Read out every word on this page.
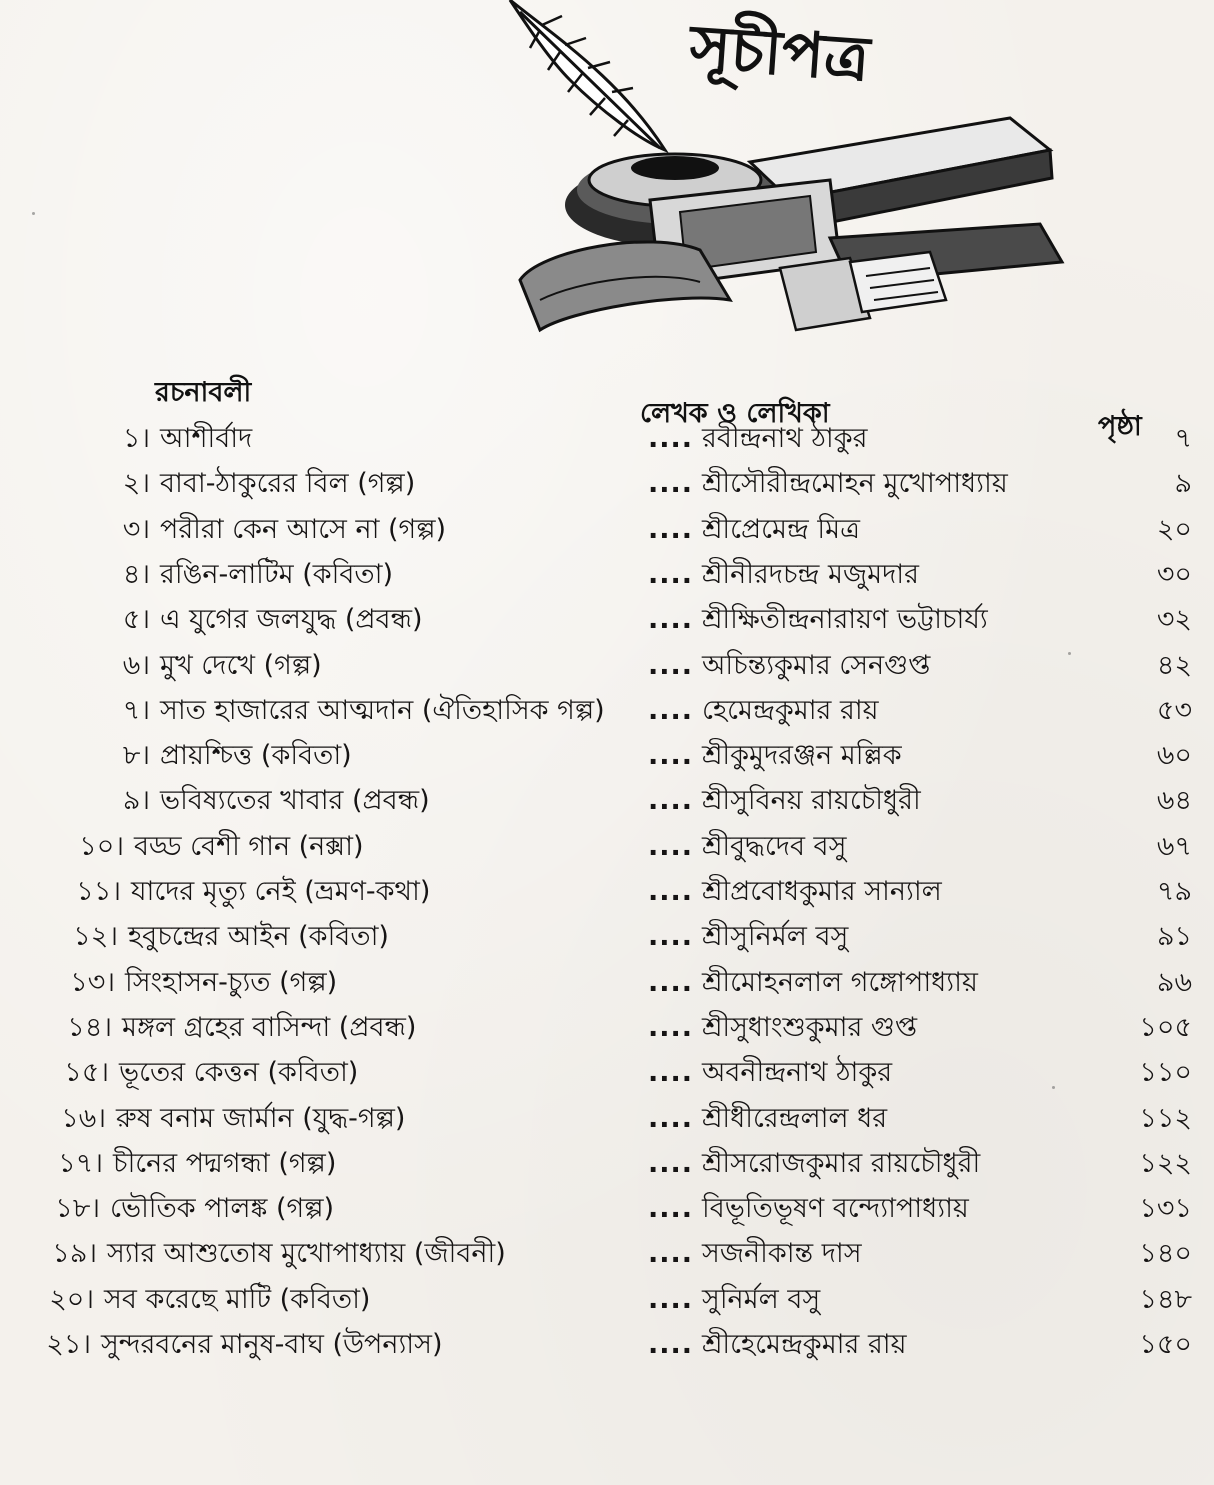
সূচীপত্র
রচনাবলী
লেখক ও লেখিকা	পৃষ্ঠা
১। আশীর্বাদ	.... রবীন্দ্রনাথ ঠাকুর	৭
২। বাবা-ঠাকুরের বিল (গল্প)	.... শ্রীসৌরীন্দ্রমোহন মুখোপাধ্যায়	৯
৩। পরীরা কেন আসে না (গল্প)	.... শ্রীপ্রেমেন্দ্র মিত্র	২০
৪। রঙিন-লাটিম (কবিতা)	.... শ্রীনীরদচন্দ্র মজুমদার	৩০
৫। এ যুগের জলযুদ্ধ (প্রবন্ধ)	.... শ্রীক্ষিতীন্দ্রনারায়ণ ভট্টাচার্য্য	৩২
৬। মুখ দেখে (গল্প)	.... অচিন্ত্যকুমার সেনগুপ্ত	৪২
৭। সাত হাজারের আত্মদান (ঐতিহাসিক গল্প) .... হেমেন্দ্রকুমার রায়	৫৩
৮। প্রায়শ্চিত্ত (কবিতা)	.... শ্রীকুমুদরঞ্জন মল্লিক	৬০
৯। ভবিষ্যতের খাবার (প্রবন্ধ)	.... শ্রীসুবিনয় রায়চৌধুরী	৬৪
১০। বড্ড বেশী গান (নক্সা)	.... শ্রীবুদ্ধদেব বসু	৬৭
১১। যাদের মৃত্যু নেই (ভ্রমণ-কথা)	.... শ্রীপ্রবোধকুমার সান্যাল	৭৯
১২। হবুচন্দ্রের আইন (কবিতা)	.... শ্রীসুনির্মল বসু	৯১
১৩। সিংহাসন-চ্যুত (গল্প)	.... শ্রীমোহনলাল গঙ্গোপাধ্যায়	৯৬
১৪। মঙ্গল গ্রহের বাসিন্দা (প্রবন্ধ)	.... শ্রীসুধাংশুকুমার গুপ্ত	১০৫
১৫। ভূতের কেত্তন (কবিতা)	.... অবনীন্দ্রনাথ ঠাকুর	১১০
১৬। রুষ বনাম জার্মান (যুদ্ধ-গল্প)	.... শ্রীধীরেন্দ্রলাল ধর	১১২
১৭। চীনের পদ্মগন্ধা (গল্প)	.... শ্রীসরোজকুমার রায়চৌধুরী	১২২
১৮। ভৌতিক পালঙ্ক (গল্প)	.... বিভূতিভূষণ বন্দ্যোপাধ্যায়	১৩১
১৯। স্যার আশুতোষ মুখোপাধ্যায় (জীবনী)	.... সজনীকান্ত দাস	১৪০
২০। সব করেছে মাটি (কবিতা)	.... সুনির্মল বসু	১৪৮
২১। সুন্দরবনের মানুষ-বাঘ (উপন্যাস)	.... শ্রীহেমেন্দ্রকুমার রায়	১৫০
